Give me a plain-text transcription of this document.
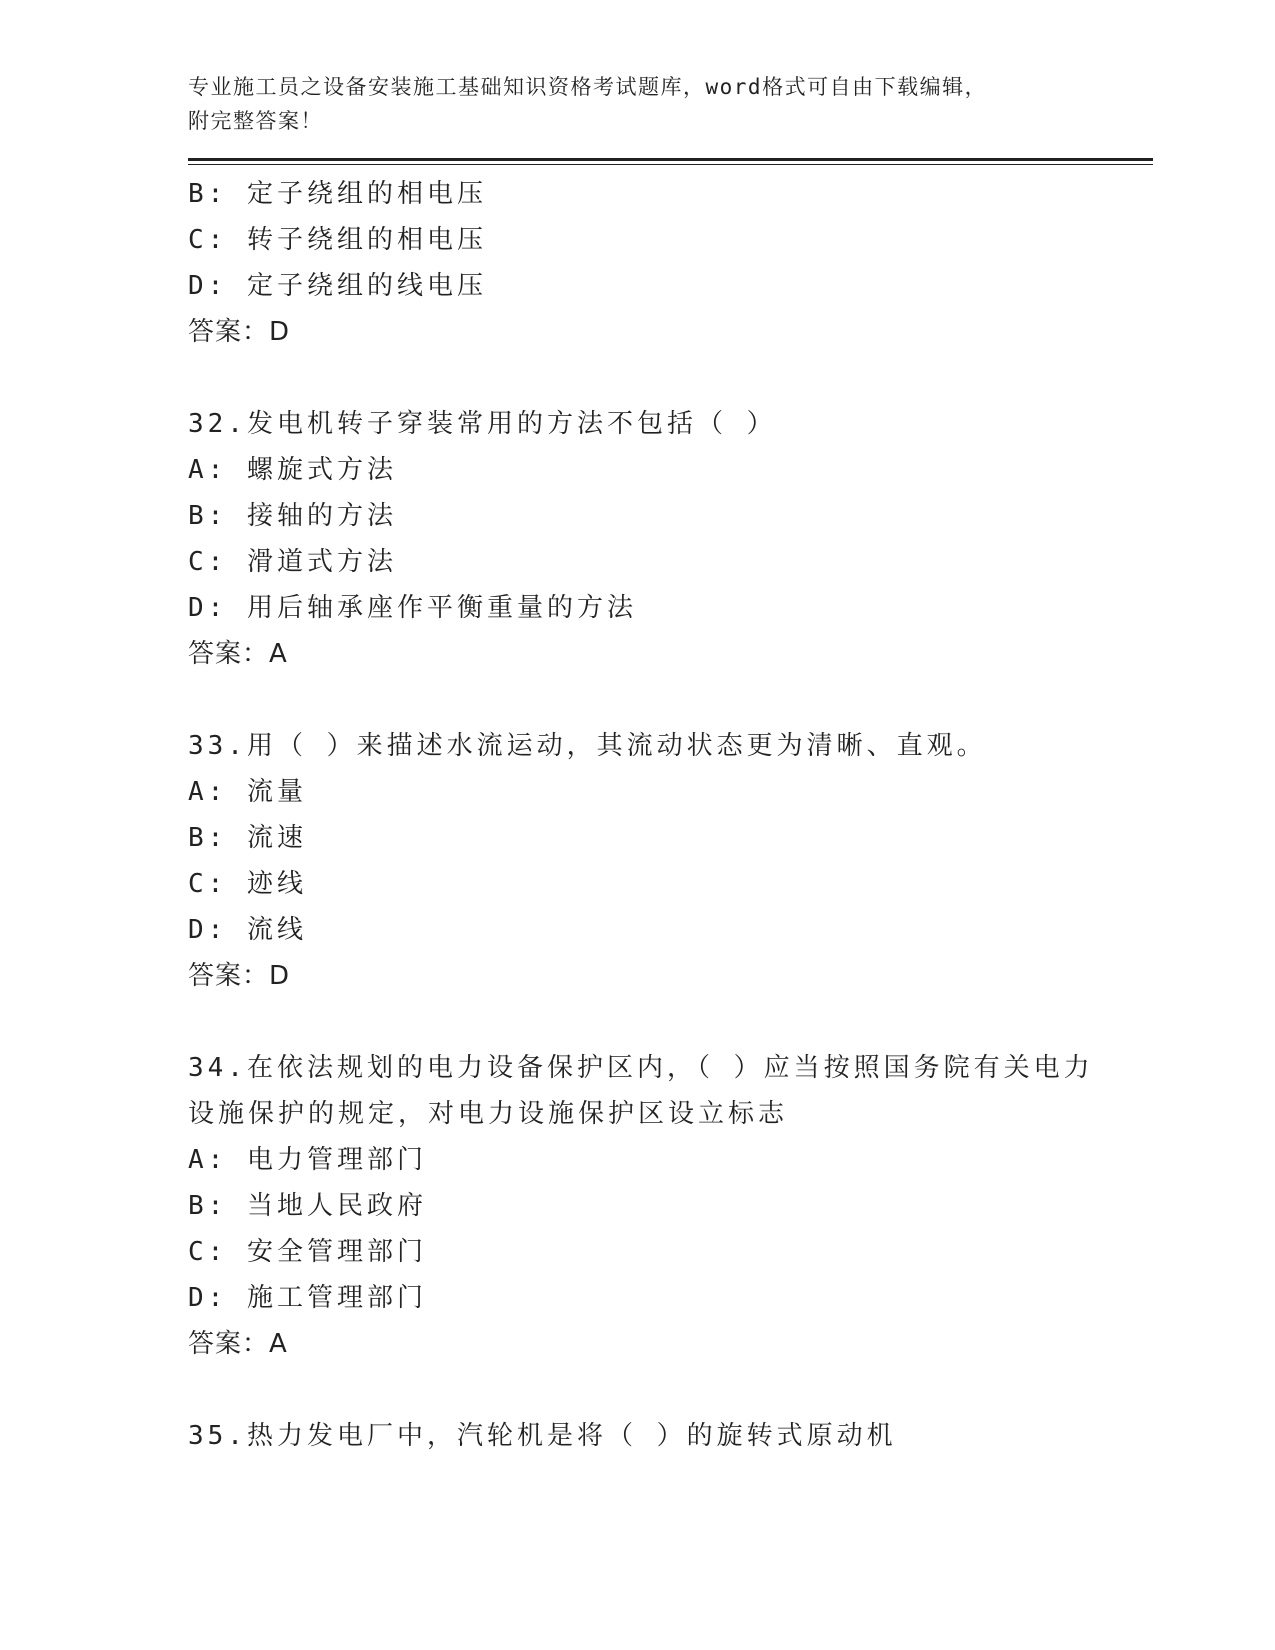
专业施工员之设备安装施工基础知识资格考试题库，word格式可自由下载编辑，
附完整答案！

B: 定子绕组的相电压
C: 转子绕组的相电压
D: 定子绕组的线电压
答案：D
32.发电机转子穿装常用的方法不包括（ ）
A: 螺旋式方法
B: 接轴的方法
C: 滑道式方法
D: 用后轴承座作平衡重量的方法
答案：A
33.用（ ）来描述水流运动，其流动状态更为清晰、直观。
A: 流量
B: 流速
C: 迹线
D: 流线
答案：D
34.在依法规划的电力设备保护区内，（ ）应当按照国务院有关电力
设施保护的规定，对电力设施保护区设立标志
A: 电力管理部门
B: 当地人民政府
C: 安全管理部门
D: 施工管理部门
答案：A
35.热力发电厂中，汽轮机是将（ ）的旋转式原动机
